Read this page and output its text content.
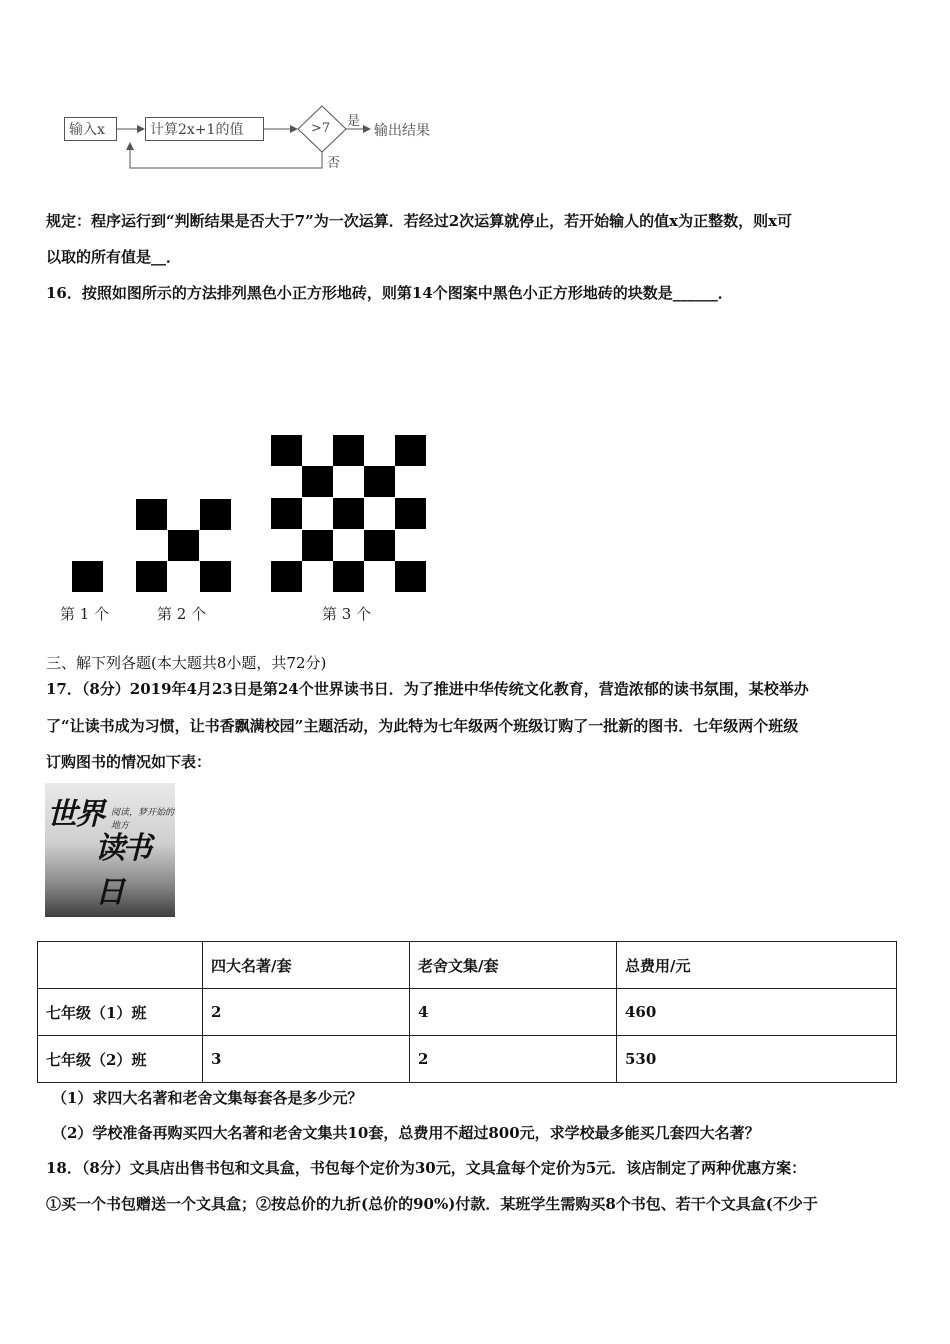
输入x	计算2x+1的值	>7 是
否
输出结果
规定：程序运行到“判断结果是否大于7”为一次运算．若经过2次运算就停止，若开始输人的值x为正整数，则x可
以取的所有值是__．
16．按照如图所示的方法排列黑色小正方形地砖，则第14个图案中黑色小正方形地砖的块数是______．
第 1 个	第 2 个	第 3 个
三、解下列各题(本大题共8小题，共72分)
17．（8分）2019年4月23日是第24个世界读书日．为了推进中华传统文化教育，营造浓郁的读书氛围，某校举办
了“让读书成为习惯，让书香飘满校园”主题活动，为此特为七年级两个班级订购了一批新的图书．七年级两个班级
订购图书的情况如下表：
世界 阅读，梦开始的地方
读书日
	四大名著/套	老舍文集/套	总费用/元
七年级（1）班	2	4	460
七年级（2）班	3	2	530
（1）求四大名著和老舍文集每套各是多少元？
（2）学校准备再购买四大名著和老舍文集共10套，总费用不超过800元，求学校最多能买几套四大名著？
18．（8分）文具店出售书包和文具盒，书包每个定价为30元，文具盒每个定价为5元．该店制定了两种优惠方案：
①买一个书包赠送一个文具盒；②按总价的九折(总价的90%)付款．某班学生需购买8个书包、若干个文具盒(不少于
